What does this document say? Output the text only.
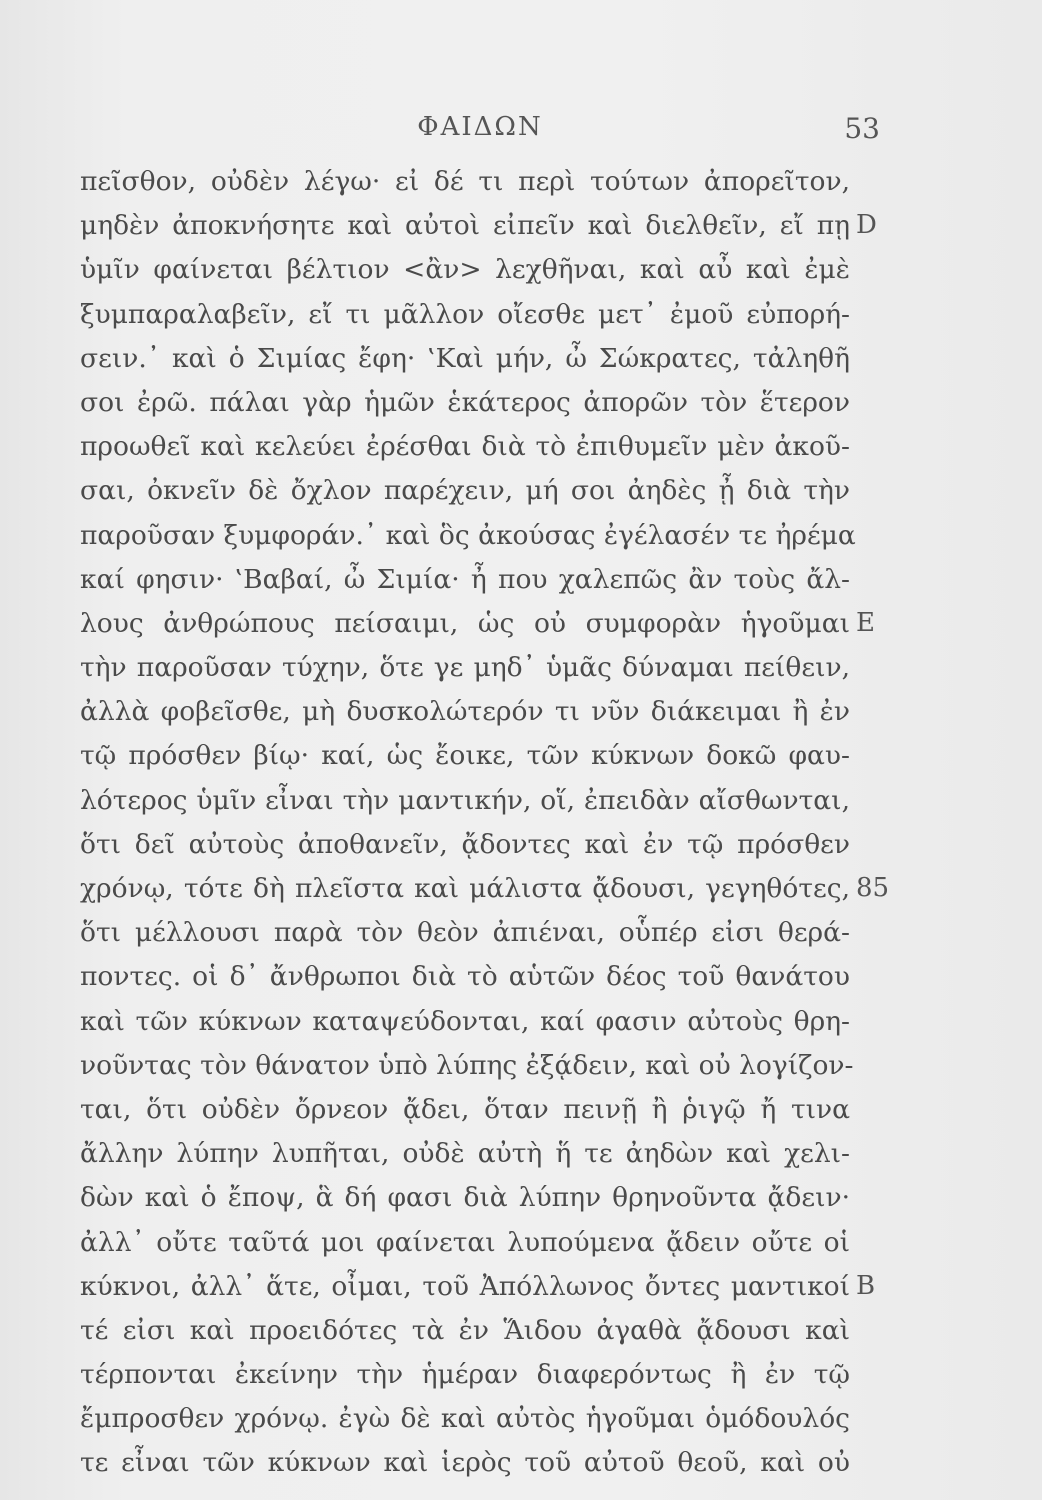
ΦΑΙΔΩΝ	53
πεῖσθον, οὐδὲν λέγω· εἰ δέ τι περὶ τούτων ἀπορεῖτον,
μηδὲν ἀποκνήσητε καὶ αὐτοὶ εἰπεῖν καὶ διελθεῖν, εἴ πῃ
ὑμῖν φαίνεται βέλτιον <ἂν> λεχθῆναι, καὶ αὖ καὶ ἐμὲ
ξυμπαραλαβεῖν, εἴ τι μᾶλλον οἴεσθε μετ᾽ ἐμοῦ εὐπορή-
σειν.᾽ καὶ ὁ Σιμίας ἔφη· ‛Καὶ μήν, ὦ Σώκρατες, τἀληθῆ
σοι ἐρῶ. πάλαι γὰρ ἡμῶν ἑκάτερος ἀπορῶν τὸν ἕτερον
προωθεῖ καὶ κελεύει ἐρέσθαι διὰ τὸ ἐπιθυμεῖν μὲν ἀκοῦ-
σαι, ὀκνεῖν δὲ ὄχλον παρέχειν, μή σοι ἀηδὲς ᾖ διὰ τὴν
παροῦσαν ξυμφοράν.᾽ καὶ ὃς ἀκούσας ἐγέλασέν τε ἠρέμα
καί φησιν· ‛Βαβαί, ὦ Σιμία· ἦ που χαλεπῶς ἂν τοὺς ἄλ-
λους ἀνθρώπους πείσαιμι, ὡς οὐ συμφορὰν ἡγοῦμαι
τὴν παροῦσαν τύχην, ὅτε γε μηδ᾽ ὑμᾶς δύναμαι πείθειν,
ἀλλὰ φοβεῖσθε, μὴ δυσκολώτερόν τι νῦν διάκειμαι ἢ ἐν
τῷ πρόσθεν βίῳ· καί, ὡς ἔοικε, τῶν κύκνων δοκῶ φαυ-
λότερος ὑμῖν εἶναι τὴν μαντικήν, οἵ, ἐπειδὰν αἴσθωνται,
ὅτι δεῖ αὐτοὺς ἀποθανεῖν, ᾄδοντες καὶ ἐν τῷ πρόσθεν
χρόνῳ, τότε δὴ πλεῖστα καὶ μάλιστα ᾄδουσι, γεγηθότες,
ὅτι μέλλουσι παρὰ τὸν θεὸν ἀπιέναι, οὗπέρ εἰσι θερά-
ποντες. οἱ δ᾽ ἄνθρωποι διὰ τὸ αὑτῶν δέος τοῦ θανάτου
καὶ τῶν κύκνων καταψεύδονται, καί φασιν αὐτοὺς θρη-
νοῦντας τὸν θάνατον ὑπὸ λύπης ἐξᾴδειν, καὶ οὐ λογίζον-
ται, ὅτι οὐδὲν ὄρνεον ᾄδει, ὅταν πεινῇ ἢ ῥιγῷ ἤ τινα
ἄλλην λύπην λυπῆται, οὐδὲ αὐτὴ ἥ τε ἀηδὼν καὶ χελι-
δὼν καὶ ὁ ἔποψ, ἃ δή φασι διὰ λύπην θρηνοῦντα ᾄδειν·
ἀλλ᾽ οὔτε ταῦτά μοι φαίνεται λυπούμενα ᾄδειν οὔτε οἱ
κύκνοι, ἀλλ᾽ ἅτε, οἶμαι, τοῦ Ἀπόλλωνος ὄντες μαντικοί
τέ εἰσι καὶ προειδότες τὰ ἐν Ἅιδου ἀγαθὰ ᾄδουσι καὶ
τέρπονται ἐκείνην τὴν ἡμέραν διαφερόντως ἢ ἐν τῷ
ἔμπροσθεν χρόνῳ. ἐγὼ δὲ καὶ αὐτὸς ἡγοῦμαι ὁμόδουλός
τε εἶναι τῶν κύκνων καὶ ἱερὸς τοῦ αὐτοῦ θεοῦ, καὶ οὐ
D
E
85
B
